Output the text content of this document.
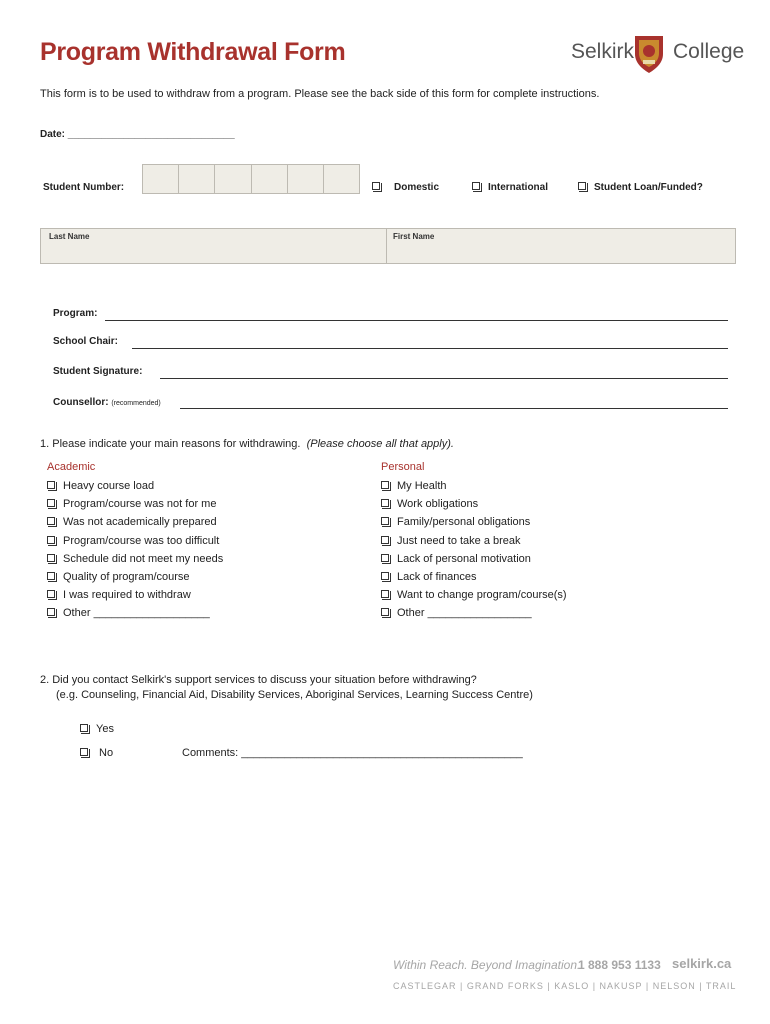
Program Withdrawal Form	Selkirk College
This form is to be used to withdraw from a program. Please see the back side of this form for complete instructions.
Date: ______________________________
Student Number:	Domestic	International	Student Loan/Funded?
Last Name	First Name
Program:
School Chair:
Student Signature:
Counsellor: (recommended)
1. Please indicate your main reasons for withdrawing. (Please choose all that apply).
Academic
Heavy course load
Program/course was not for me
Was not academically prepared
Program/course was too difficult
Schedule did not meet my needs
Quality of program/course
I was required to withdraw
Other ___________________
Personal
My Health
Work obligations
Family/personal obligations
Just need to take a break
Lack of personal motivation
Lack of finances
Want to change program/course(s)
Other _________________
2. Did you contact Selkirk's support services to discuss your situation before withdrawing?
(e.g. Counseling, Financial Aid, Disability Services, Aboriginal Services, Learning Success Centre)
Yes
No	Comments: ______________________________________________
Within Reach. Beyond Imagination.
1 888 953 1133 selkirk.ca
CASTLEGAR | GRAND FORKS | KASLO | NAKUSP | NELSON | TRAIL
